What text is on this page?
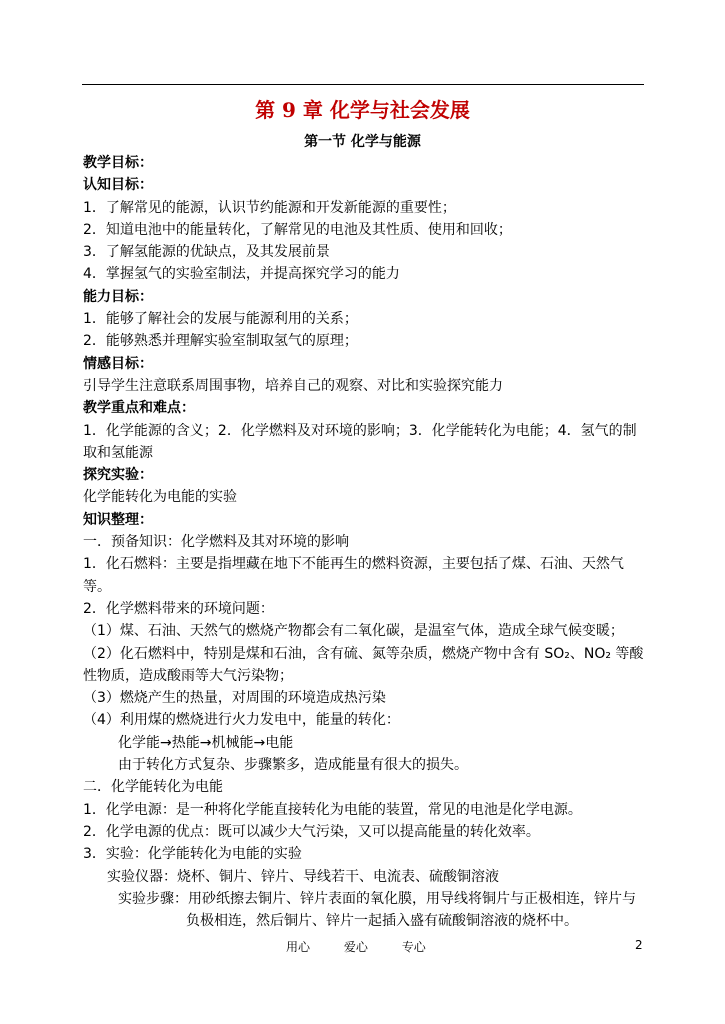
第 9 章 化学与社会发展
第一节 化学与能源
教学目标：
认知目标：
1．了解常见的能源，认识节约能源和开发新能源的重要性；
2．知道电池中的能量转化，了解常见的电池及其性质、使用和回收；
3．了解氢能源的优缺点，及其发展前景
4．掌握氢气的实验室制法，并提高探究学习的能力
能力目标：
1．能够了解社会的发展与能源利用的关系；
2．能够熟悉并理解实验室制取氢气的原理；
情感目标：
引导学生注意联系周围事物，培养自己的观察、对比和实验探究能力
教学重点和难点：
1．化学能源的含义；2．化学燃料及对环境的影响；3．化学能转化为电能；4．氢气的制取和氢能源
探究实验：
化学能转化为电能的实验
知识整理：
一．预备知识：化学燃料及其对环境的影响
1．化石燃料：主要是指埋藏在地下不能再生的燃料资源，主要包括了煤、石油、天然气等。
2．化学燃料带来的环境问题：
（1）煤、石油、天然气的燃烧产物都会有二氧化碳，是温室气体，造成全球气候变暖；
（2）化石燃料中，特别是煤和石油，含有硫、氮等杂质，燃烧产物中含有 SO₂、NO₂ 等酸性物质，造成酸雨等大气污染物；
（3）燃烧产生的热量，对周围的环境造成热污染
（4）利用煤的燃烧进行火力发电中，能量的转化：
化学能→热能→机械能→电能
由于转化方式复杂、步骤繁多，造成能量有很大的损失。
二．化学能转化为电能
1．化学电源：是一种将化学能直接转化为电能的装置，常见的电池是化学电源。
2．化学电源的优点：既可以减少大气污染，又可以提高能量的转化效率。
3．实验：化学能转化为电能的实验
实验仪器：烧杯、铜片、锌片、导线若干、电流表、硫酸铜溶液
实验步骤：用砂纸擦去铜片、锌片表面的氧化膜，用导线将铜片与正极相连，锌片与
负极相连，然后铜片、锌片一起插入盛有硫酸铜溶液的烧杯中。
用心	爱心	专心	2
